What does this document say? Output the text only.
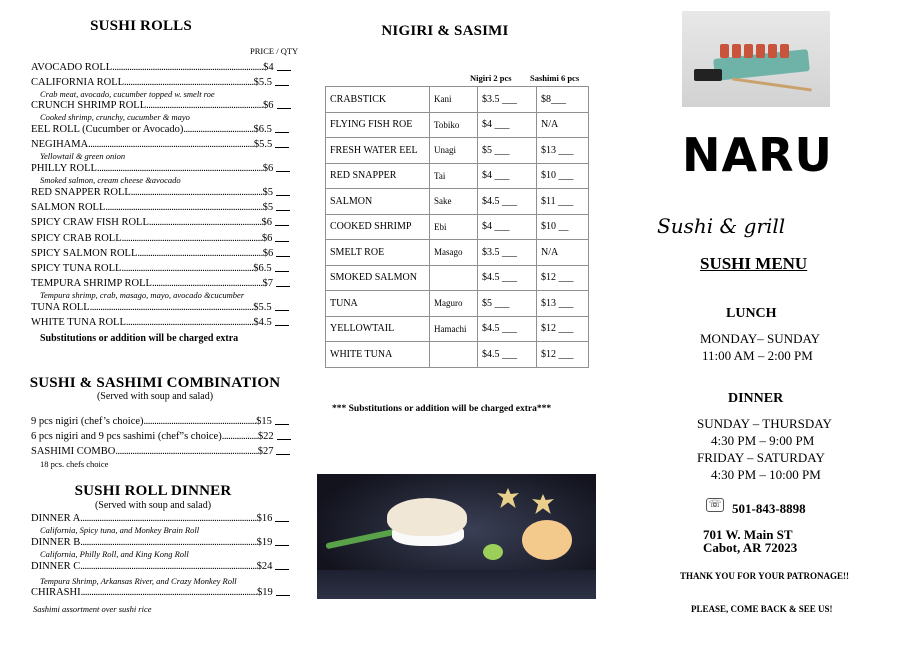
SUSHI ROLLS
PRICE / QTY
AVOCADO ROLL.......................................................................$4
CALIFORNIA ROLL.............................................................$5.5
Crab meat, avocado, cucumber topped w. smelt roe
CRUNCH SHRIMP ROLL.......................................................$6
Cooked shrimp, crunchy, cucumber & mayo
EEL ROLL (Cucumber or Avocado).................................$6.5
NEGIHAMA..............................................................................$5.5
Yellowtail & green onion
PHILLY ROLL..............................................................................$6
Smoked salmon, cream cheese &avocado
RED SNAPPER ROLL..............................................................$5
SALMON ROLL..........................................................................$5
SPICY CRAW FISH ROLL.....................................................$6
SPICY CRAB ROLL..................................................................$6
SPICY SALMON ROLL...........................................................$6
SPICY TUNA ROLL..............................................................$6.5
TEMPURA SHRIMP ROLL....................................................$7
Tempura shrimp, crab, masago, mayo, avocado &cucumber
TUNA ROLL.............................................................................$5.5
WHITE TUNA ROLL............................................................$4.5
Substitutions or addition will be charged extra
SUSHI & SASHIMI COMBINATION
(Served with soup and salad)
9 pcs nigiri (chef’s choice).....................................................$15
6 pcs nigiri and 9 pcs sashimi (chef”s choice).................$22
SASHIMI COMBO...................................................................$27
18 pcs. chefs choice
SUSHI ROLL DINNER
(Served with soup and salad)
DINNER A...................................................................................$16
California, Spicy tuna, and Monkey Brain Roll
DINNER B...................................................................................$19
California, Philly Roll, and King Kong Roll
DINNER C...................................................................................$24
Tempura Shrimp, Arkansas River, and Crazy Monkey Roll
CHIRASHI...................................................................................$19
Sashimi assortment over sushi rice
NIGIRI & SASIMI
Nigiri 2 pcs Sashimi 6 pcs
CRABSTICK	Kani	$3.5 ___	$8___
FLYING FISH ROE	Tobiko	$4 ___	N/A
FRESH WATER EEL	Unagi	$5 ___	$13 ___
RED SNAPPER	Tai	$4 ___	$10 ___
SALMON	Sake	$4.5 ___	$11 ___
COOKED SHRIMP	Ebi	$4 ___	$10 __
SMELT ROE	Masago	$3.5 ___	N/A
SMOKED SALMON		$4.5 ___	$12 ___
TUNA	Maguro	$5 ___	$13 ___
YELLOWTAIL	Hamachi	$4.5 ___	$12 ___
WHITE TUNA		$4.5 ___	$12 ___
*** Substitutions or addition will be charged extra***
NARU
Sushi & grill
SUSHI MENU
LUNCH
MONDAY– SUNDAY
11:00 AM – 2:00 PM
DINNER
SUNDAY – THURSDAY
4:30 PM – 9:00 PM
FRIDAY – SATURDAY
4:30 PM – 10:00 PM
☏ 501-843-8898
701 W. Main ST
Cabot, AR 72023
THANK YOU FOR YOUR PATRONAGE!!
PLEASE, COME BACK & SEE US!
